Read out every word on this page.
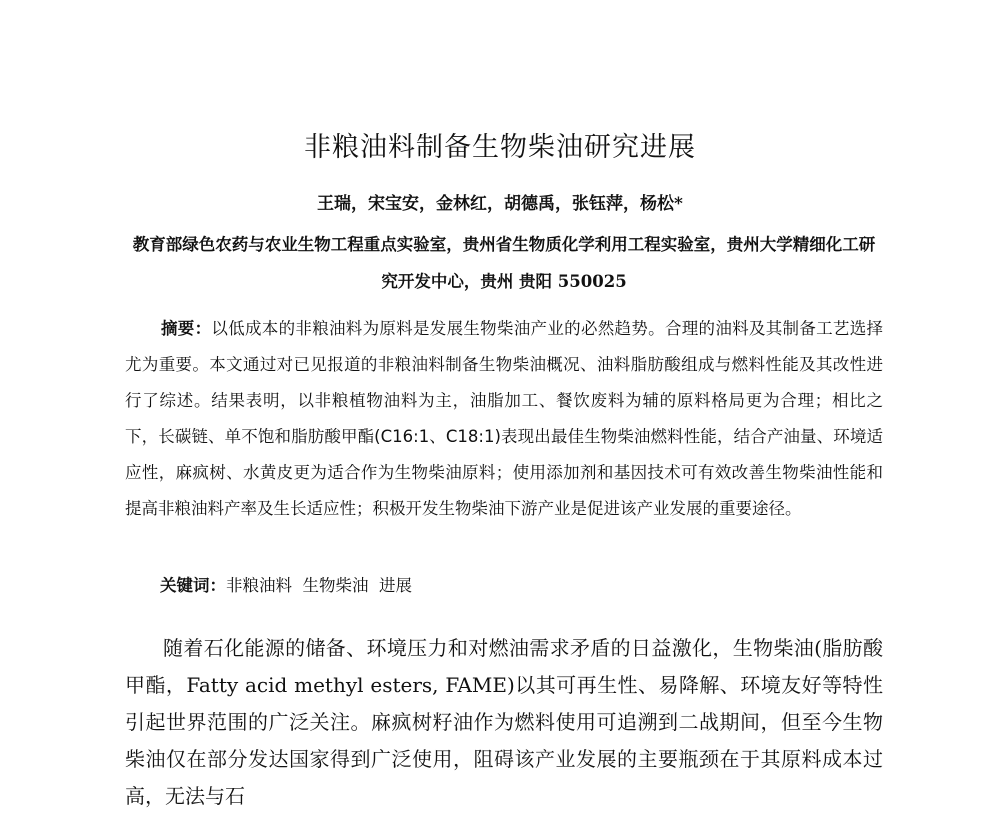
非粮油料制备生物柴油研究进展
王瑞，宋宝安，金林红，胡德禹，张钰萍，杨松*
教育部绿色农药与农业生物工程重点实验室，贵州省生物质化学利用工程实验室，贵州大学精细化工研究开发中心，贵州 贵阳 550025
摘要：以低成本的非粮油料为原料是发展生物柴油产业的必然趋势。合理的油料及其制备工艺选择尤为重要。本文通过对已见报道的非粮油料制备生物柴油概况、油料脂肪酸组成与燃料性能及其改性进行了综述。结果表明，以非粮植物油料为主，油脂加工、餐饮废料为辅的原料格局更为合理；相比之下，长碳链、单不饱和脂肪酸甲酯(C16:1、C18:1)表现出最佳生物柴油燃料性能，结合产油量、环境适应性，麻疯树、水黄皮更为适合作为生物柴油原料；使用添加剂和基因技术可有效改善生物柴油性能和提高非粮油料产率及生长适应性；积极开发生物柴油下游产业是促进该产业发展的重要途径。
关键词：非粮油料  生物柴油  进展
随着石化能源的储备、环境压力和对燃油需求矛盾的日益激化，生物柴油(脂肪酸甲酯，Fatty acid methyl esters, FAME)以其可再生性、易降解、环境友好等特性引起世界范围的广泛关注。麻疯树籽油作为燃料使用可追溯到二战期间，但至今生物柴油仅在部分发达国家得到广泛使用，阻碍该产业发展的主要瓶颈在于其原料成本过高，无法与石
